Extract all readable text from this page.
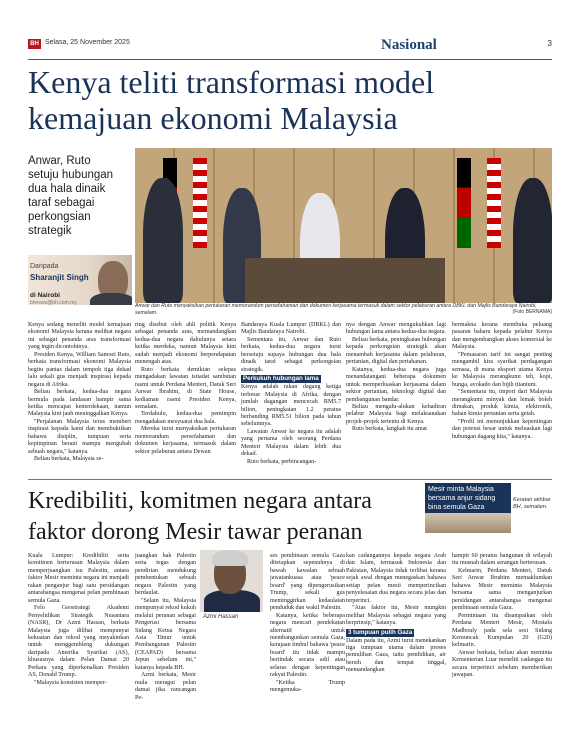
BH Selasa, 25 November 2025	Nasional	3
Kenya teliti transformasi model kemajuan ekonomi Malaysia
Anwar, Ruto setuju hubungan dua hala dinaik taraf sebagai perkongsian strategik
Daripada
Sharanjit Singh
di Nairobi
bhnews@bh.com.my	Anwar dan Ruto menyaksikan pertukaran memorandum persefahaman dan dokumen kerjasama termasuk dalam sektor pelaburan antara DBKL dan Majlis Bandaraya Nairobi, semalam.	(Foto BERNAMA)

Kenya sedang meneliti model kemajuan ekonomi Malaysia kerana melihat negara ini sebagai penanda aras transformasi yang ingin dicontohinya.

Presiden Kenya, William Samoei Ruto, berkata transformasi ekonomi Malaysia begitu pantas dalam tempoh tiga dekad lalu sekali gus menjadi inspirasi kepada negara di Afrika.

Beliau berkata, kedua-dua negara bermula pada landasan hampir sama ketika mencapai kemerdekaan, namun Malaysia kini jauh meninggalkan Kenya.

"Perjalanan Malaysia terus memberi inspirasi kepada kami dan membuktikan bahawa disiplin, tumpuan serta kepimpinan berani mampu mengubah sebuah negara," katanya.

Beliau berkata, Malaysia se-

ring disebut oleh ahli politik Kenya sebagai penanda aras, memandangkan kedua-dua negara dahulunya setara ketika merdeka, namun Malaysia kini sudah menjadi ekonomi berpendapatan menengah atas.

Ruto berkata demikian selepas mengadakan lawatan istiadat sambutan rasmi untuk Perdana Menteri, Datuk Seri Anwar Ibrahim, di State House, kediaman rasmi Presiden Kenya, semalam.

Terdahulu, kedua-dua pemimpin mengadakan mesyuarat dua hala.

Mereka turut menyaksikan pertukaran memorandum persefahaman dan dokumen kerjasama, termasuk dalam sektor pelaburan antara Dewan

Bandaraya Kuala Lumpur (DBKL) dan Majlis Bandaraya Nairobi.

Sementara itu, Anwar dan Ruto berkata, kedua-dua negara turut bersetuju supaya hubungan dua hala dinaik taraf sebagai perkongsian strategik.

Perkukuh hubungan lama

Kenya adalah rakan dagang ketiga terbesar Malaysia di Afrika, dengan jumlah dagangan mencecah RM5.7 bilion, peningkatan 1.2 peratus berbanding RM5.51 bilion pada tahun sebelumnya.

Lawatan Anwar ke negara itu adalah yang pertama oleh seorang Perdana Menteri Malaysia dalam lebih dua dekad.

Ruto berkata, perbincangan-

nya dengan Anwar mengukuhkan lagi hubungan lama antara kedua-dua negara.

Beliau berkata, peningkatan hubungan kepada perkongsian strategik akan menambah kerjasama dalam pelaburan, pertanian, digital dan pertahanan.

Katanya, kedua-dua negara juga menandatangani beberapa dokumen untuk memperluaskan kerjasama dalam sektor pertanian, teknologi digital dan pembangunan bandar.

Beliau mengalu-alukan kehadiran pelabur Malaysia bagi melaksanakan projek-projek tertentu di Kenya.

Ruto berkata, langkah itu amat

bermakna kerana membuka peluang pasaran baharu kepada pelabur Kenya dan mengembangkan akses komersial ke Malaysia.

"Pemasaran tarif ini sangat penting mengambil kira syarikat perdagangan semasa, di mana eksport utama Kenya ke Malaysia merangkumi teh, kopi, bunga, avokado dan bijih titanium.

"Sementara itu, import dari Malaysia merangkumi minyak dan lemak boleh dimakan, produk kimia, elektronik, bahan kimia pertanian serta getah.

"Profil ini menunjukkan kepentingan dan potensi besar untuk meluaskan lagi hubungan dagang kita," katanya.

Kredibiliti, komitmen negara antara faktor dorong Mesir tawar peranan
Mesir minta Malaysia bersama anjur sidang bina semula Gaza
Keratan akhbar BH, semalam.

Kuala Lumpur: Kredibiliti serta komitmen berterusan Malaysia dalam memperjuangkan isu Palestin, antara faktor Mesir meminta negara ini menjadi rakan penganjur bagi satu persidangan antarabangsa mengenai pelan pembinaan semula Gaza.

Felo Geostrategi Akademi Penyelidikan Strategik Nusantara (NASR), Dr Azmi Hassan, berkata Malaysia juga dilihat mempunyai kekuatan dan rekod yang meyakinkan untuk menggembleng dukungan daripada Amerika Syarikat (AS), khususnya dalam Pelan Damai 20 Perkara yang diperkenalkan Presiden AS, Donald Trump.

"Malaysia konsisten memper-

juangkan hak Palestin serta tegas dengan pendirian mendukung pembentukan sebuah negara Palestin yang berdaulat.

"Selain itu, Malaysia mempunyai rekod kukuh melalui peranan sebagai Pengerusi bersama Sidang Ketua Negara Asia Timur untuk Pembangunan Palestin (CEAPAD) bersama Jepun sebelum ini," katanya kepada BH.

Azmi berkata, Mesir mula meragui pelan damai jika rancangan Pe-

Azmi Hassan

ses pembinaan semula Gaza ditetapkan sepenuhnya di bawah kawalan sebuah jawatankuasa atau 'peace board' yang dipengerusikan Trump, sekali gus meminggirkan kedaulatan penduduk dan wakil Palestin.

Katanya, ketika beberapa negara mencari pendekatan alternatif untuk membangunkan semula Gaza, kerajaan timbul bahawa 'peace board' itu tidak mampu bertindak secara adil atau selaras dengan kepentingan rakyat Palestin.

"Ketika Trump mengemuka-

kan cadangannya kepada negara Arab dan Islam, termasuk Indonesia dan Pakistan, Malaysia tidak terlibat kerana sejak awal dengan menegaskan bahawa setiap pelan mesti memperincikan penyelesaian dua negara secara jelas dan terperinci.

"Atas faktor itu, Mesir mungkin melihat Malaysia sebagai negara yang berprinsip," katanya.

3 tumpuan pulih Gaza

Dalam pada itu, Azmi turut menekankan tiga tumpuan utama dalam proses pemulihan Gaza, iaitu pendidikan, air bersih dan tempat tinggal, memandangkan

hampir 60 peratus bangunan di wilayah itu musnah dalam serangan berterusan.

Kelmarin, Perdana Menteri, Datuk Seri Anwar Ibrahim memaklumkan bahawa Mesir meminta Malaysia bersama sama menganjurkan persidangan antarabangsa mengenai pembinaan semula Gaza.

Permintaan itu disampaikan oleh Perdana Menteri Mesir, Mostafa Madbouly pada sela sesi Sidang Kemuncak Kumpulan 20 (G20) kelmarin.

Anwar berkata, beliau akan meminta Kementerian Luar meneliti cadangan itu secara terperinci sebelum memberikan jawapan.
